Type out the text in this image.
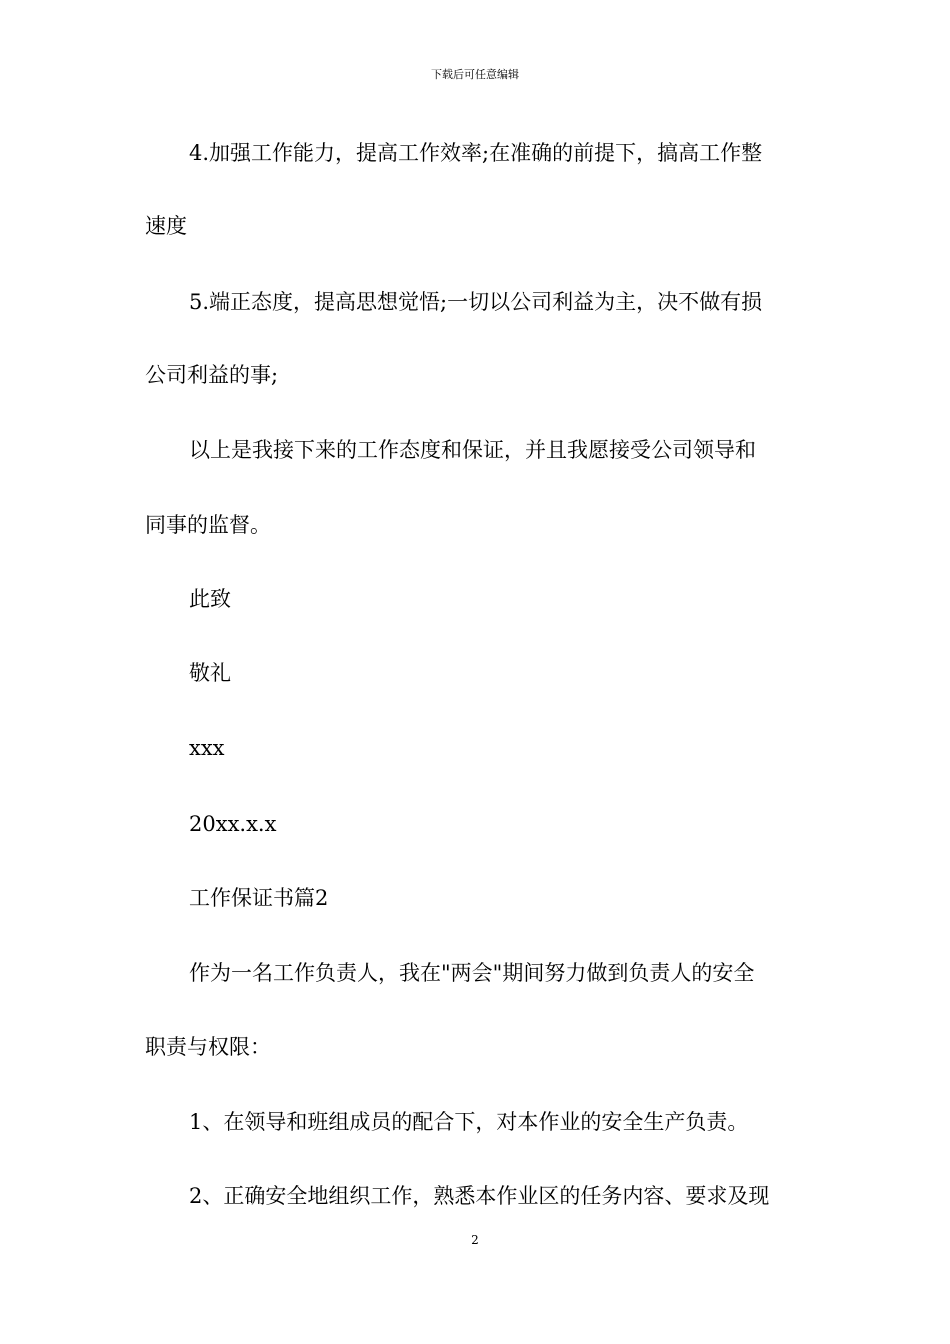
下载后可任意编辑
4.加强工作能力，提高工作效率;在准确的前提下，搞高工作整
速度
5.端正态度，提高思想觉悟;一切以公司利益为主，决不做有损
公司利益的事;
以上是我接下来的工作态度和保证，并且我愿接受公司领导和
同事的监督。
此致
敬礼
xxx
20xx.x.x
工作保证书篇2
作为一名工作负责人，我在"两会"期间努力做到负责人的安全
职责与权限：
1、在领导和班组成员的配合下，对本作业的安全生产负责。
2、正确安全地组织工作，熟悉本作业区的任务内容、要求及现
2
